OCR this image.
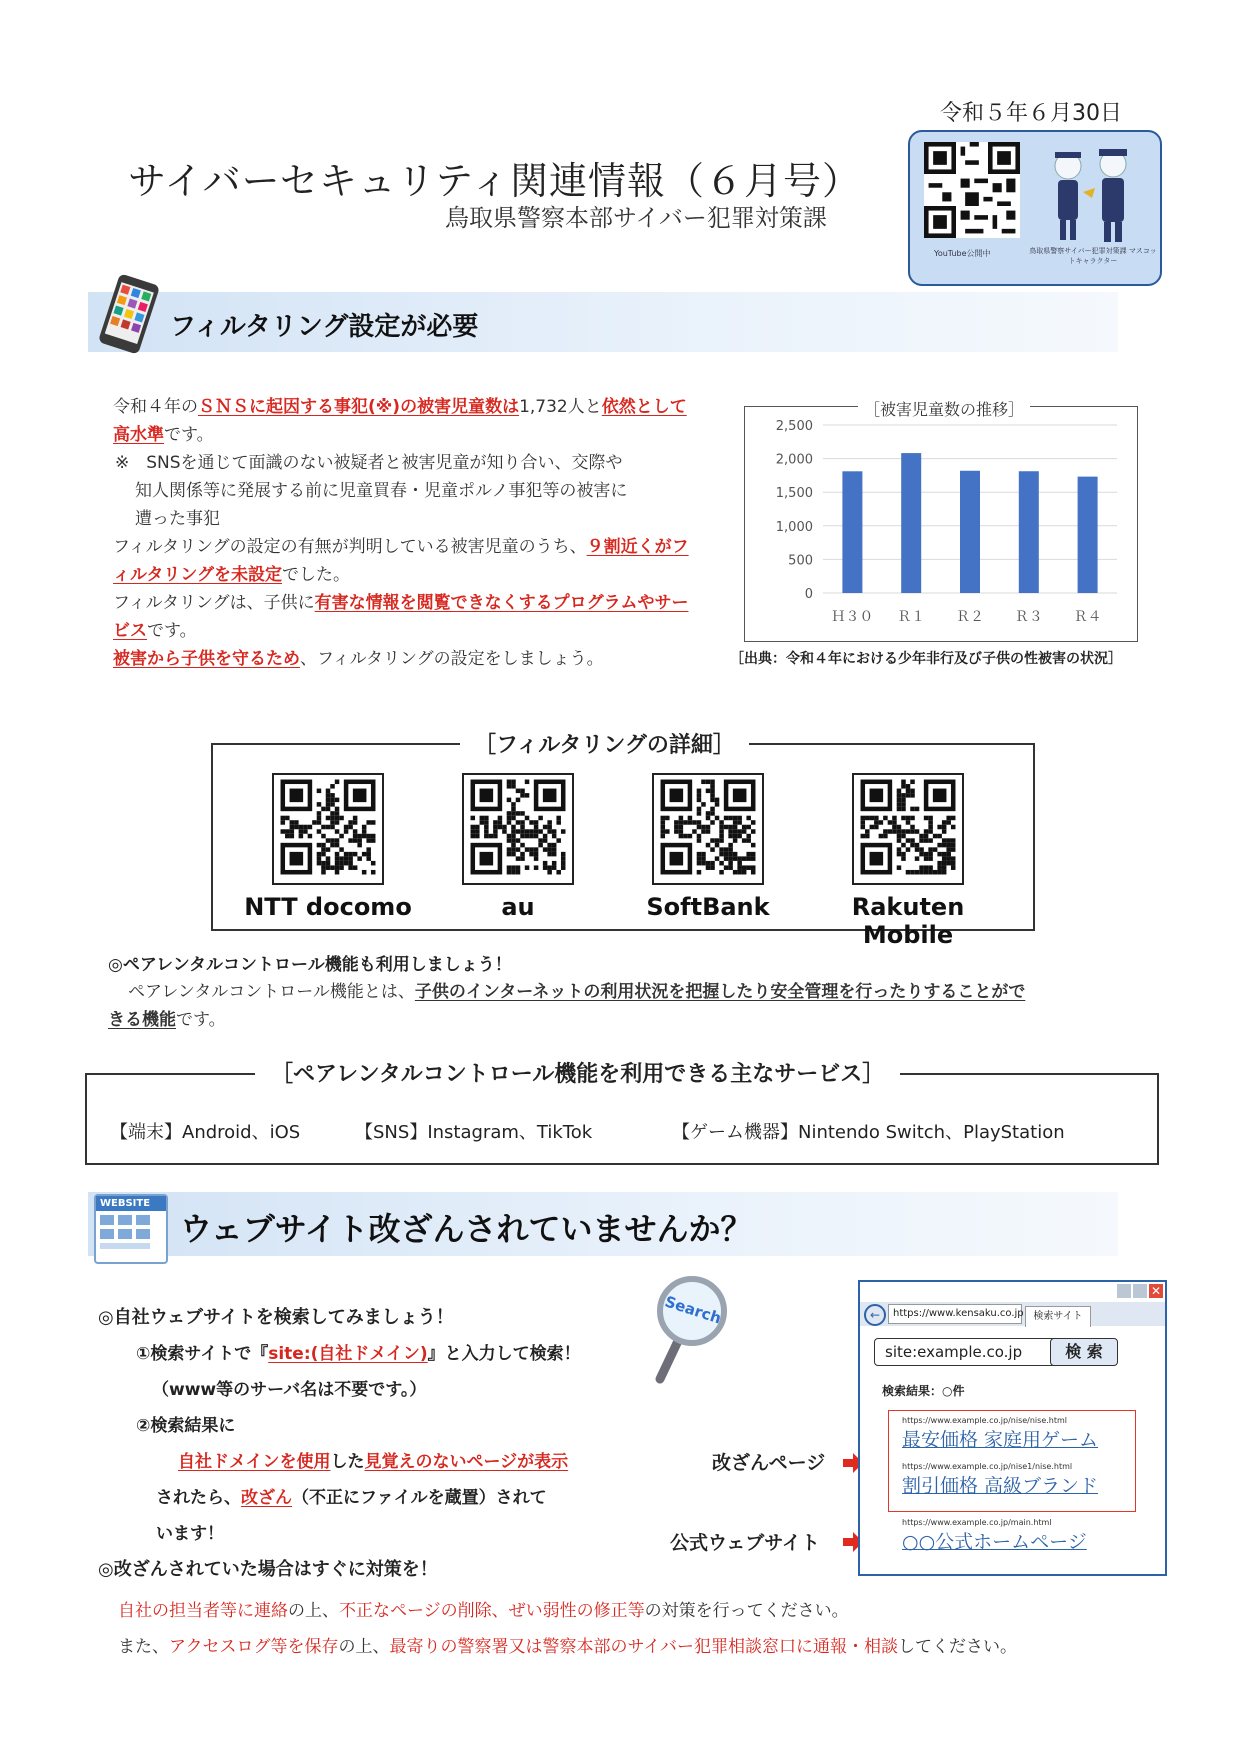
令和５年６月30日
サイバーセキュリティ関連情報（６月号）
鳥取県警察本部サイバー犯罪対策課
YouTube公開中	鳥取県警察サイバー犯罪対策課 マスコットキャラクター
フィルタリング設定が必要

令和４年のＳＮＳに起因する事犯(※)の被害児童数は1,732人と依然として高水準です。

※　 SNSを通じて面識のない被疑者と被害児童が知り合い、交際や

知人関係等に発展する前に児童買春・児童ポルノ事犯等の被害に

遭った事犯

フィルタリングの設定の有無が判明している被害児童のうち、９割近くがフィルタリングを未設定でした。

フィルタリングは、子供に有害な情報を閲覧できなくするプログラムやサービスです。

被害から子供を守るため、フィルタリングの設定をしましょう。

0
500
1,000
1,500
2,000
2,500
Ｈ３０ Ｒ１ Ｒ２ Ｒ３ Ｒ４
［被害児童数の推移］
［出典：令和４年における少年非行及び子供の性被害の状況］
NTT docomo	au	SoftBank	Rakuten Mobile
［フィルタリングの詳細］
◎ペアレンタルコントロール機能も利用しましょう！
ペアレンタルコントロール機能とは、子供のインターネットの利用状況を把握したり安全管理を行ったりすることがで
きる機能です。
［ペアレンタルコントロール機能を利用できる主なサービス］
【端末】Android、iOS	【SNS】Instagram、TikTok	【ゲーム機器】Nintendo Switch、PlayStation
WEBSITE
ウェブサイト改ざんされていませんか？
Search
◎自社ウェブサイトを検索してみましょう！
①検索サイトで『site:(自社ドメイン)』と入力して検索！
（www等のサーバ名は不要です。）
②検索結果に
自社ドメインを使用した見覚えのないページが表示
されたら、改ざん（不正にファイルを蔵置）されて
います！
◎改ざんされていた場合はすぐに対策を！
改ざんページ
公式ウェブサイト
✕
←	https://www.kensaku.co.jp 検索サイト
site:example.co.jp	検 索
検索結果：○件
https://www.example.co.jp/nise/nise.html
最安価格 家庭用ゲーム
https://www.example.co.jp/nise1/nise.html
割引価格 高級ブランド
https://www.example.co.jp/main.html
○○公式ホームページ
自社の担当者等に連絡の上、不正なページの削除、ぜい弱性の修正等の対策を行ってください。
また、アクセスログ等を保存の上、最寄りの警察署又は警察本部のサイバー犯罪相談窓口に通報・相談してください。
